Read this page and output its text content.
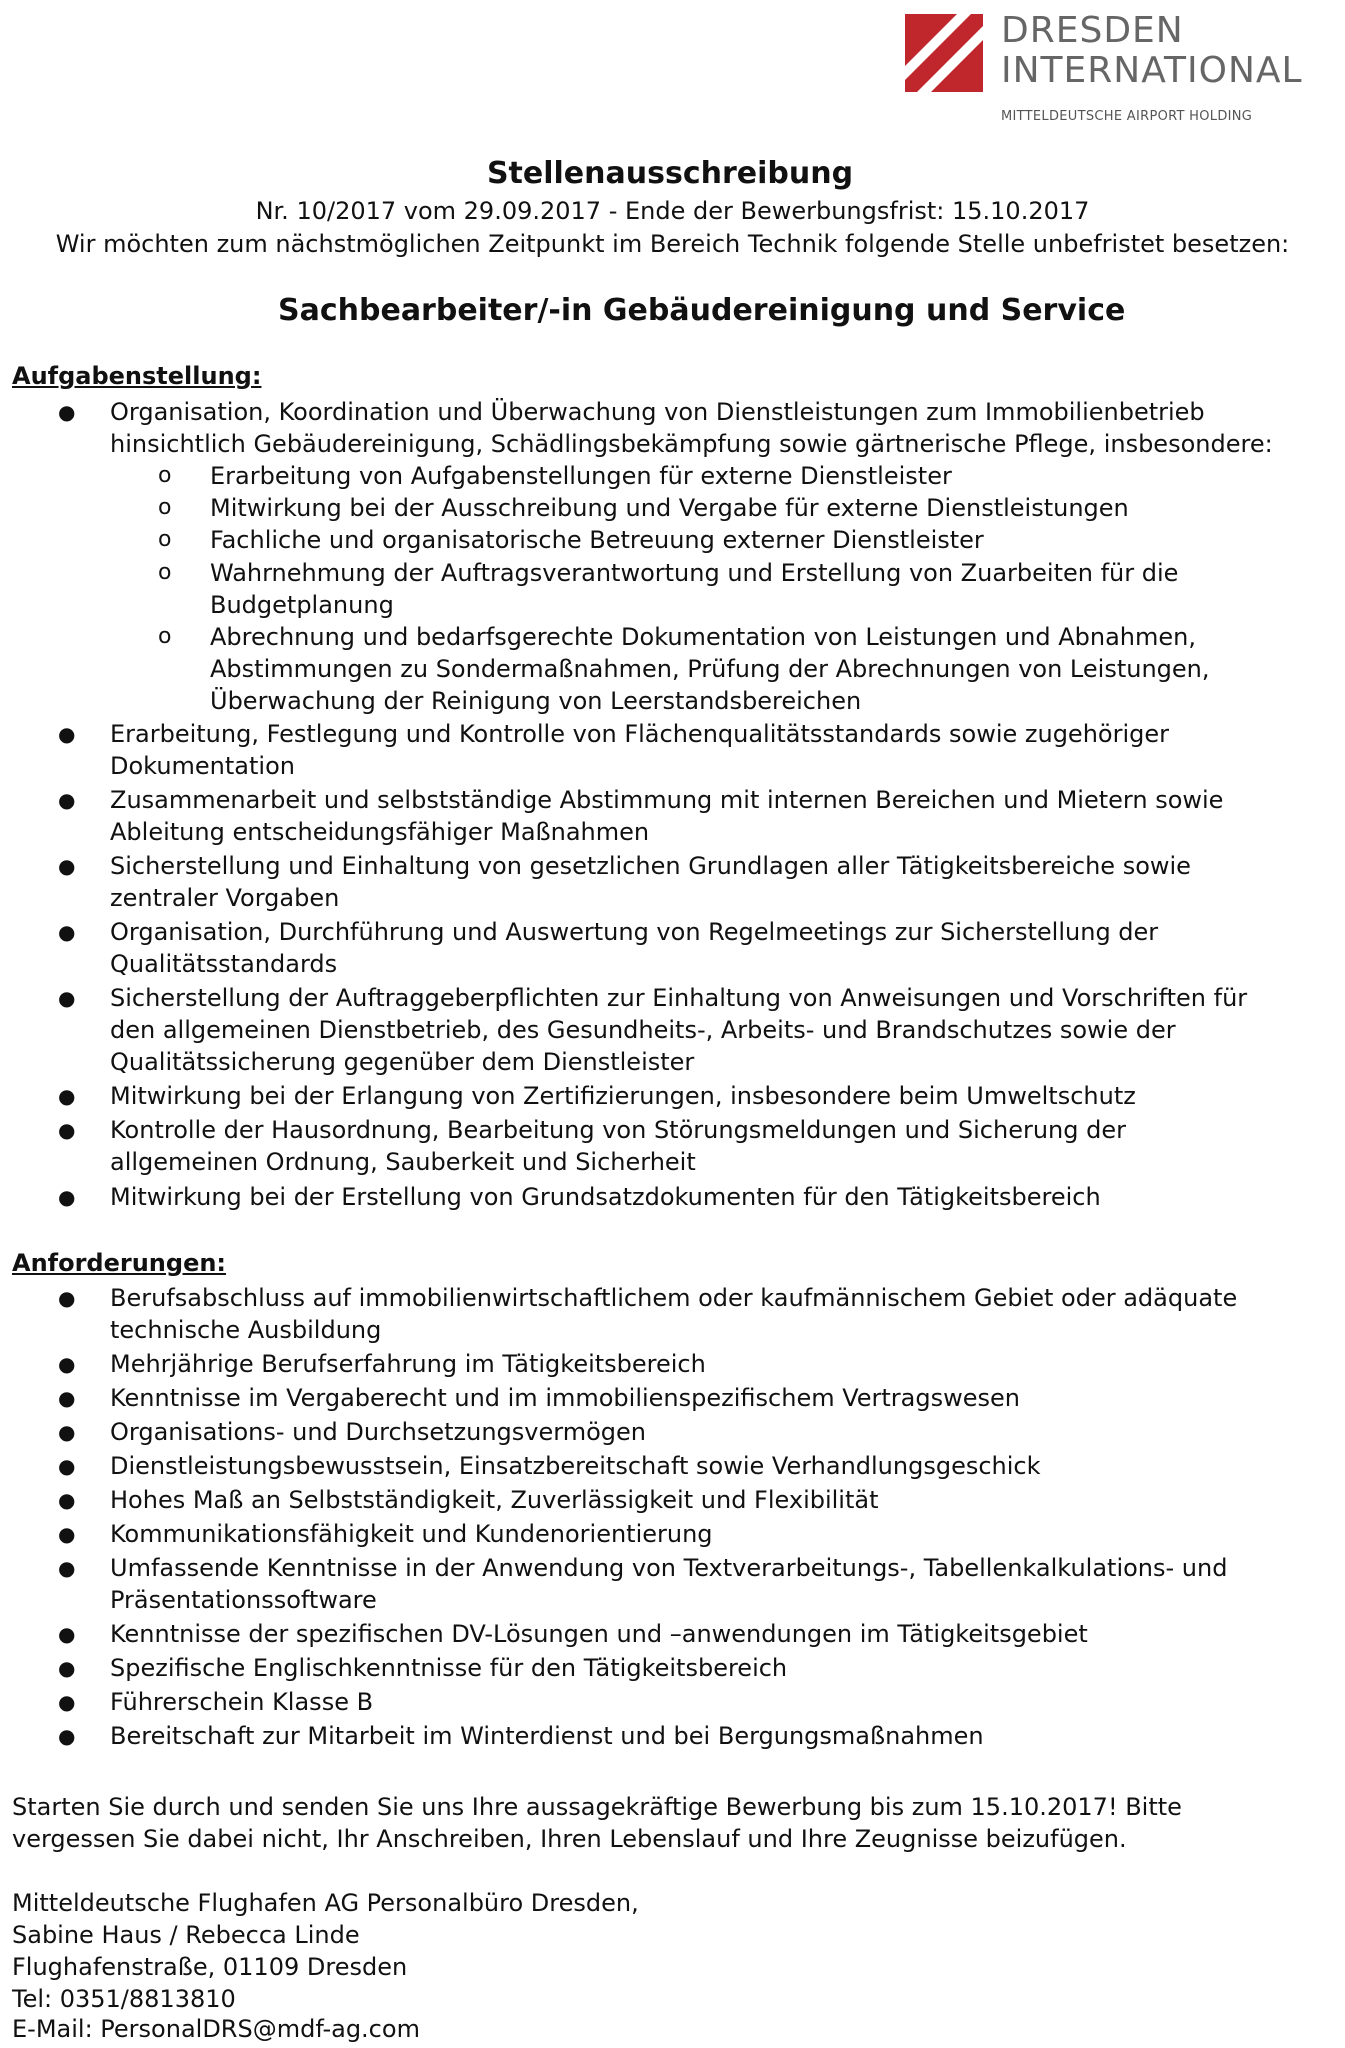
DRESDEN
INTERNATIONAL
MITTELDEUTSCHE AIRPORT HOLDING
Stellenausschreibung
Nr. 10/2017 vom 29.09.2017 - Ende der Bewerbungsfrist: 15.10.2017
Wir möchten zum nächstmöglichen Zeitpunkt im Bereich Technik folgende Stelle unbefristet besetzen:
Sachbearbeiter/-in Gebäudereinigung und Service
Aufgabenstellung:
● Organisation, Koordination und Überwachung von Dienstleistungen zum Immobilienbetrieb
hinsichtlich Gebäudereinigung, Schädlingsbekämpfung sowie gärtnerische Pflege, insbesondere:
o Erarbeitung von Aufgabenstellungen für externe Dienstleister
o Mitwirkung bei der Ausschreibung und Vergabe für externe Dienstleistungen
o Fachliche und organisatorische Betreuung externer Dienstleister
o Wahrnehmung der Auftragsverantwortung und Erstellung von Zuarbeiten für die
Budgetplanung
o Abrechnung und bedarfsgerechte Dokumentation von Leistungen und Abnahmen,
Abstimmungen zu Sondermaßnahmen, Prüfung der Abrechnungen von Leistungen,
Überwachung der Reinigung von Leerstandsbereichen
● Erarbeitung, Festlegung und Kontrolle von Flächenqualitätsstandards sowie zugehöriger
Dokumentation
● Zusammenarbeit und selbstständige Abstimmung mit internen Bereichen und Mietern sowie
Ableitung entscheidungsfähiger Maßnahmen
● Sicherstellung und Einhaltung von gesetzlichen Grundlagen aller Tätigkeitsbereiche sowie
zentraler Vorgaben
● Organisation, Durchführung und Auswertung von Regelmeetings zur Sicherstellung der
Qualitätsstandards
● Sicherstellung der Auftraggeberpflichten zur Einhaltung von Anweisungen und Vorschriften für
den allgemeinen Dienstbetrieb, des Gesundheits-, Arbeits- und Brandschutzes sowie der
Qualitätssicherung gegenüber dem Dienstleister
● Mitwirkung bei der Erlangung von Zertifizierungen, insbesondere beim Umweltschutz
● Kontrolle der Hausordnung, Bearbeitung von Störungsmeldungen und Sicherung der
allgemeinen Ordnung, Sauberkeit und Sicherheit
● Mitwirkung bei der Erstellung von Grundsatzdokumenten für den Tätigkeitsbereich
Anforderungen:
● Berufsabschluss auf immobilienwirtschaftlichem oder kaufmännischem Gebiet oder adäquate
technische Ausbildung
● Mehrjährige Berufserfahrung im Tätigkeitsbereich
● Kenntnisse im Vergaberecht und im immobilienspezifischem Vertragswesen
● Organisations- und Durchsetzungsvermögen
● Dienstleistungsbewusstsein, Einsatzbereitschaft sowie Verhandlungsgeschick
● Hohes Maß an Selbstständigkeit, Zuverlässigkeit und Flexibilität
● Kommunikationsfähigkeit und Kundenorientierung
● Umfassende Kenntnisse in der Anwendung von Textverarbeitungs-, Tabellenkalkulations- und
Präsentationssoftware
● Kenntnisse der spezifischen DV-Lösungen und –anwendungen im Tätigkeitsgebiet
● Spezifische Englischkenntnisse für den Tätigkeitsbereich
● Führerschein Klasse B
● Bereitschaft zur Mitarbeit im Winterdienst und bei Bergungsmaßnahmen
Starten Sie durch und senden Sie uns Ihre aussagekräftige Bewerbung bis zum 15.10.2017! Bitte
vergessen Sie dabei nicht, Ihr Anschreiben, Ihren Lebenslauf und Ihre Zeugnisse beizufügen.
Mitteldeutsche Flughafen AG Personalbüro Dresden,
Sabine Haus / Rebecca Linde
Flughafenstraße, 01109 Dresden
Tel: 0351/8813810
E-Mail: PersonalDRS@mdf-ag.com
